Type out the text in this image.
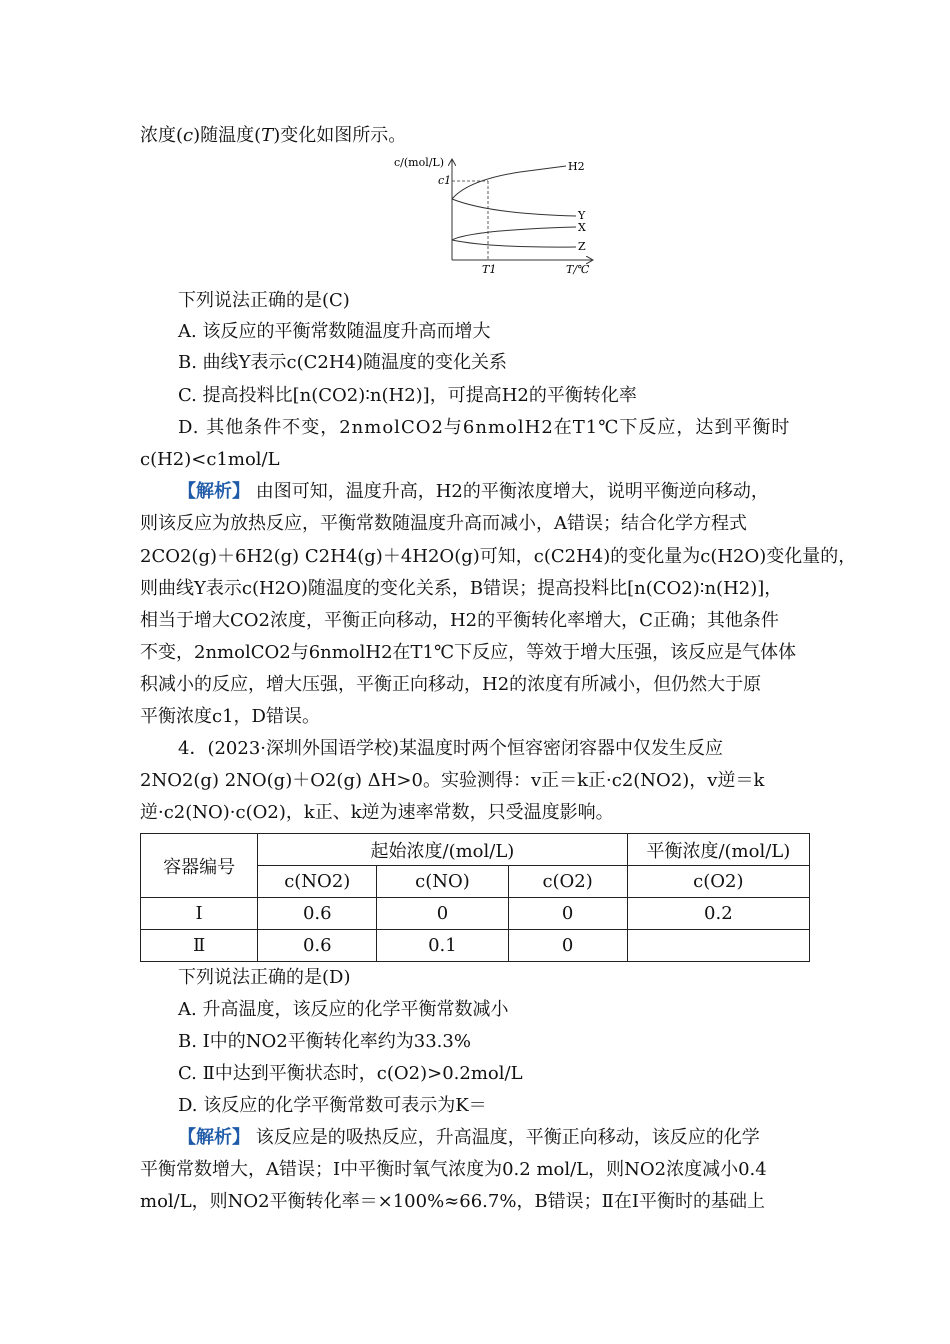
浓度(c)随温度(T)变化如图所示。
c/(mol/L)
c1
T1	T/℃
H2
Y
X
Z
下列说法正确的是(C)
A. 该反应的平衡常数随温度升高而增大
B. 曲线Y表示c(C2H4)随温度的变化关系
C. 提高投料比[n(CO2)∶n(H2)]，可提高H2的平衡转化率
D. 其他条件不变，2nmolCO2与6nmolH2在T1℃下反应，达到平衡时
c(H2)<c1mol/L
【解析】 由图可知，温度升高，H2的平衡浓度增大，说明平衡逆向移动，
则该反应为放热反应，平衡常数随温度升高而减小，A错误；结合化学方程式
2CO2(g)＋6H2(g) C2H4(g)＋4H2O(g)可知，c(C2H4)的变化量为c(H2O)变化量的，
则曲线Y表示c(H2O)随温度的变化关系，B错误；提高投料比[n(CO2)∶n(H2)]，
相当于增大CO2浓度，平衡正向移动，H2的平衡转化率增大，C正确；其他条件
不变，2nmolCO2与6nmolH2在T1℃下反应，等效于增大压强，该反应是气体体
积减小的反应，增大压强，平衡正向移动，H2的浓度有所减小，但仍然大于原
平衡浓度c1，D错误。
4．(2023·深圳外国语学校)某温度时两个恒容密闭容器中仅发生反应
2NO2(g) 2NO(g)＋O2(g) ΔH>0。实验测得：v正＝k正·c2(NO2)，v逆＝k
逆·c2(NO)·c(O2)，k正、k逆为速率常数，只受温度影响。
容器编号	起始浓度/(mol/L)			平衡浓度/(mol/L)
	c(NO2)	c(NO)	c(O2)	c(O2)
Ⅰ	0.6	0	0	0.2
Ⅱ	0.6	0.1	0	
下列说法正确的是(D)
A. 升高温度，该反应的化学平衡常数减小
B. Ⅰ中的NO2平衡转化率约为33.3%
C. Ⅱ中达到平衡状态时，c(O2)>0.2mol/L
D. 该反应的化学平衡常数可表示为K＝
【解析】 该反应是的吸热反应，升高温度，平衡正向移动，该反应的化学
平衡常数增大，A错误；Ⅰ中平衡时氧气浓度为0.2 mol/L，则NO2浓度减小0.4
mol/L，则NO2平衡转化率＝×100%≈66.7%，B错误；Ⅱ在Ⅰ平衡时的基础上
